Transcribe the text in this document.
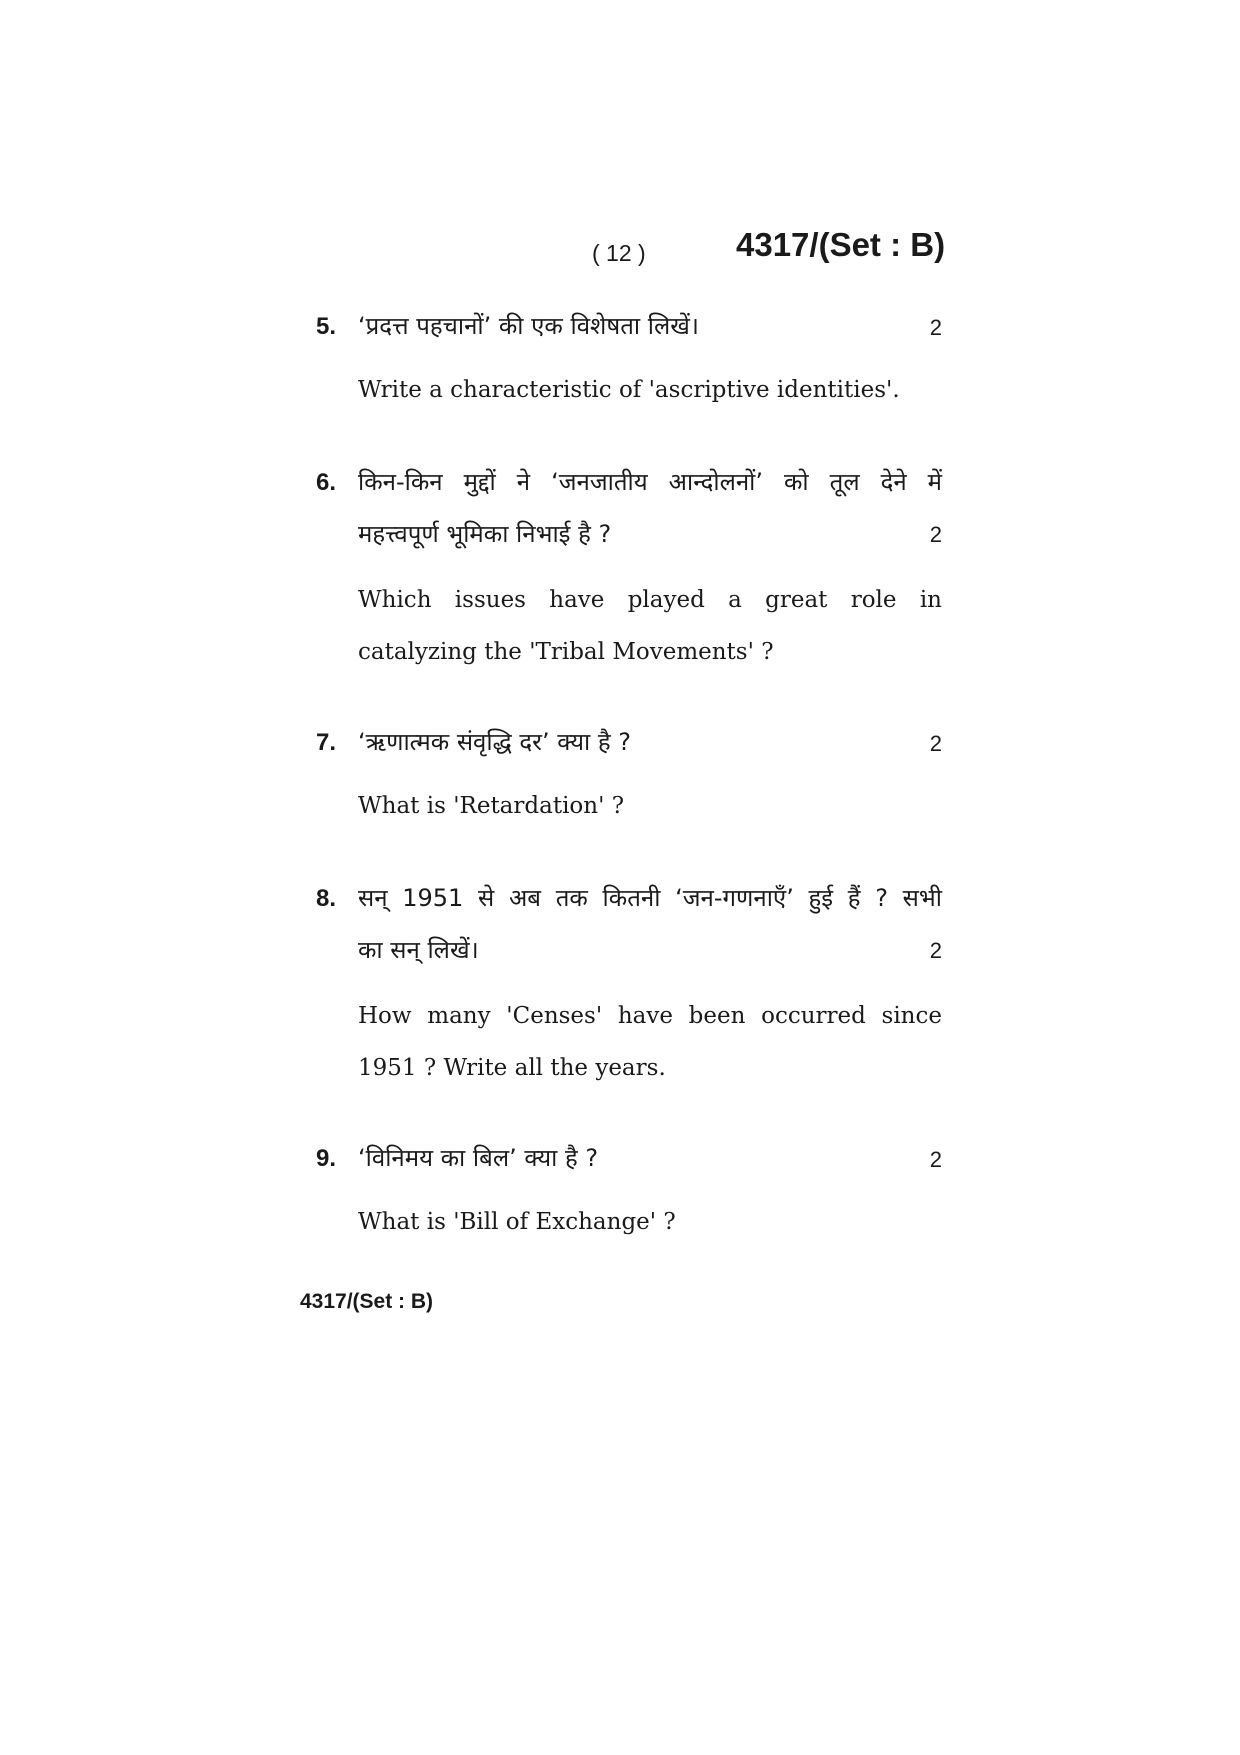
( 12 )	4317/(Set : B)
5. ‘प्रदत्त पहचानों’ की एक विशेषता लिखें।	2
Write a characteristic of 'ascriptive identities'.
6. किन-किन मुद्दों ने ‘जनजातीय आन्दोलनों’ को तूल देने में
महत्त्वपूर्ण भूमिका निभाई है ?	2
Which issues have played a great role in
catalyzing the 'Tribal Movements' ?
7. ‘ऋणात्मक संवृद्धि दर’ क्या है ?	2
What is 'Retardation' ?
8. सन् 1951 से अब तक कितनी ‘जन-गणनाएँ’ हुई हैं ? सभी
का सन् लिखें।	2
How many 'Censes' have been occurred since
1951 ? Write all the years.
9. ‘विनिमय का बिल’ क्या है ?	2
What is 'Bill of Exchange' ?
4317/(Set : B)
